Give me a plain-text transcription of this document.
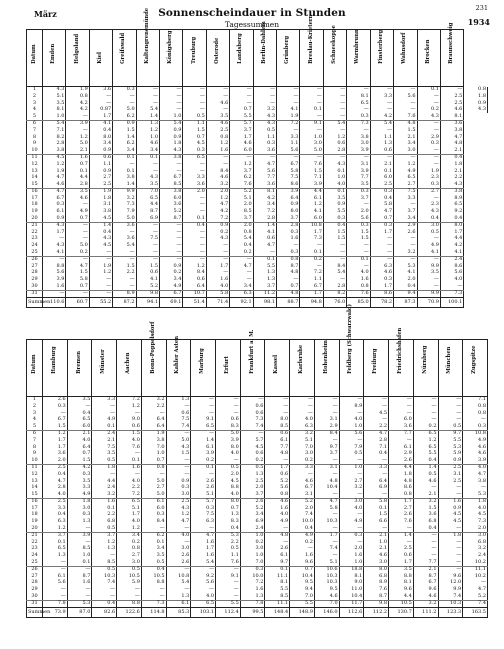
März	Sonnenscheindauer in Stunden
Tagessummen
231
1934
Datum	Emden	Helgoland	Kiel	Greifswald	Kaltengrenemünde	Königsberg	Treuburg	Osterode	Landsberg	Berlin-Dahlem	Grünberg	Breslau-Krietern	Schneekoppe	Warmbrunn	Finsterberg	Wahnsdorf	Brocken	Braunschweig	

1	4.3	1.9	3.6	0.3	—	—	—	—	—	—	—	—	—	—	—	—	0.1	—	0.8
2	5.1	0.8	—	—	—	—	—	—	—	—	—	—	—	8.1	3.3	5.6	—	2.5	1.8
3	3.5	4.2	—	—	—	—	—	4.6	—	—	—	—	—	6.5	—	—	—	2.5	0.9
4	8.1	4.2	0.87	5.0	5.4	—	—	—	0.7	3.2	4.1	0.1	—	—	—	—	0.2	4.6	4.3
5	1.0	—	1.7	6.2	1.4	1.0	0.5	3.5	5.5	4.3	1.9	—	—	0.3	4.2	7.6	4.3	8.1	
6	5.4	3.9	4.1	0.9	1.3	5.4	1.1	4.6	5.7	4.3	7.2	9.1	5.4	7.3	5.4	4.8	—	3.6	
7	7.1	—	0.4	1.5	1.2	0.9	1.5	2.5	3.7	0.5	—	—	—	—	—	1.5	—	3.8	
8	8.2	1.2	8.0	1.4	1.0	0.9	0.7	0.8	1.7	1.1	3.3	1.0	1.2	3.8	1.1	2.1	2.9	4.7	
9	2.8	5.0	3.4	6.2	4.6	1.8	4.5	1.2	4.6	0.3	1.1	3.0	0.6	3.0	1.3	3.4	0.3	4.8	
10	3.8	2.1	0.9	3.4	3.4	4.3	0.3	1.6	6.0	3.6	5.6	5.0	2.8	3.9	0.6	3.0	—	2.1	
11	4.5	1.6	0.6	0.1	0.1	3.8	6.5	—	—	—	—	—	—	—	—	—	—	0.4	
12	1.2	0.7	1.1	—	—	—	—	—	1.2	4.7	6.7	7.6	4.3	3.1	2.1	1.2	—	1.8	
13	1.9	0.1	0.9	0.1	—	—	—	8.4	3.7	5.6	5.8	1.5	0.1	3.9	0.1	4.9	1.9	2.1	
14	4.7	4.4	2.7	3.8	4.3	6.7	3.3	4.6	6.2	7.7	7.5	7.1	1.0	7.7	6.0	6.5	2.3	2.2	
15	4.6	2.8	2.5	1.4	3.5	8.5	3.6	3.2	7.6	3.6	8.6	3.9	4.0	3.5	2.5	2.7	0.3	4.3	
16	4.7	3.5	1.9	9.9	7.0	3.8	2.0	2.0	5.2	8.1	3.9	4.4	0.1	0.3	0.3	7.5	2.7	3.8	
17	6.7	4.6	1.8	3.2	6.5	6.0	—	1.2	5.1	4.2	6.4	6.1	3.5	3.7	0.4	3.3	—	8.9	
18	0.3	—	3.1	7.3	4.4	3.6	—	4.7	2.0	3.4	0.9	1.2	0.9	—	5.8	—	2.3	6.5	
19	6.1	4.9	3.8	7.9	8.7	5.2	—	4.2	8.5	7.2	8.0	4.1	5.5	2.0	4.7	3.7	4.3	9.2	
20	0.9	0.7	4.5	5.0	6.9	8.7	0.1	7.2	3.7	2.8	3.7	6.0	0.3	5.6	0.7	3.4	0.4	0.4	
21	4.3	—	1.4	3.6	—	—	0.4	0.9	2.0	1.4	2.8	10.8	0.4	0.3	0.3	2.9	3.0	8.0	
22	1.7	—	0.4	—	—	—	—	0.2	0.8	4.1	0.3	1.7	1.5	1.5	1.7	2.6	0.5	1.7	
23	—	—	4.3	3.6	7.5	—	—	4.3	5.4	0.6	1.6	7.3	1.5	1.5	—	—	—	4.4	
24	4.3	5.0	4.5	5.4	—	—	—	—	0.4	4.7	—	—	—	—	—	—	4.9	4.2	
25	4.1	0.2	—	—	—	—	—	—	0.2	—	0.3	0.1	—	—	—	3.2	4.1	4.1	
26	—	—	—	—	—	—	—	—	—	0.1	0.8	0.2	—	0.1	—	—	—	2.4	
27	8.8	4.7	1.9	1.5	1.5	0.9	1.2	1.7	4.7	5.5	8.7	—	8.4	—	6.3	5.3	9.9	8.6	
28	5.6	1.5	1.2	2.2	0.6	0.2	8.4	—	—	1.3	4.8	7.2	5.4	4.0	4.6	4.1	3.5	5.6	
29	3.9	5.8	—	—	4.1	3.4	0.6	1.6	—	1.3	—	1.1	—	1.6	0.3	2.0	—	4.0	
30	1.6	0.7	—	—	5.2	4.9	6.4	4.0	3.4	3.7	0.7	6.7	2.8	0.8	1.7	0.4	—	—	
31	—	—	—	8.9	9.8	6.7	10.7	5.8	6.3	11.2	4.8	1.7	8.2	7.6	8.6	9.4	9.9	7.3	
Summen	110.6	60.7	55.2	87.2	94.1	69.1	51.4	71.4	92.1	98.1	88.7	94.8	76.0	85.0	78.2	87.3	70.9	100.1	
Datum	Hamburg	Bremen	Münster	Aachen	Bonn-Poppelsdorf	Kahler Asten	Marburg	Erfurt	Frankfurt a. M.	Kassel	Karlsruhe	Hohenheim	Feldberg (Schwarzwald)	Freiburg	Friedrichshafen	Nürnberg	München	Zugspitze

1	2.6	3.5	3.3	7.2	3.2	1.3	—	—	—	—	—	—	—	—	—	—	—	7.1
2	0.3	—	—	1.2	2.2	—	—	—	0.6	—	—	—	8.9	—	—	—	—	0.8
3	—	0.4	—	—	—	0.6	—	—	0.6	—	—	—	—	4.5	—	—	—	0.8
4	6.7	6.5	4.9	9.0	6.4	7.5	9.1	0.6	7.3	8.0	4.0	3.1	4.0	—	6.0	—	—	—
5	1.5	6.0	0.1	0.6	6.4	7.4	6.5	8.3	7.4	8.5	6.3	2.9	1.0	2.2	3.6	0.2	0.5	0.3
6	1.2	2.1	2.4	1.5	1.9	—	—	5.0	—	0.6	3.2	8.4	5.6	4.7	7.7	6.5	9.7	10.8
7	1.7	4.0	2.1	4.0	3.8	5.0	1.4	3.9	5.7	6.1	5.1	—	—	2.8	—	1.2	5.5	4.9
8	1.7	6.4	7.5	7.6	7.0	4.3	6.1	8.0	4.5	7.7	7.0	9.7	7.9	7.1	6.1	6.5	5.3	4.6
9	3.6	0.7	3.5	—	1.0	1.5	3.9	4.0	0.6	4.8	3.0	3.7	0.5	0.4	2.9	5.5	5.9	4.6
10	2.0	1.5	0.5	0.1	0.7	—	0.2	—	0.2	—	0.2	—	—	—	2.6	0.4	0.9	3.9
11	2.5	4.2	1.8	1.6	0.8	—	0.1	0.5	0.5	1.7	3.3	3.1	1.0	3.3	4.4	1.4	2.5	4.0
12	0.4	0.3	—	—	—	—	—	2.0	1.3	0.6	—	—	—	—	1.8	0.5	3.1	4.7
13	4.7	3.5	4.4	4.0	5.0	0.9	2.6	4.5	2.5	5.2	4.6	4.8	2.7	6.4	4.8	4.6	2.5	3.8
14	2.8	3.3	2.4	2.2	2.7	0.3	2.6	8.8	2.0	5.6	6.7	10.4	3.2	6.9	8.6	—	—	—
15	4.0	4.9	3.2	7.2	5.0	3.0	5.1	4.0	3.7	0.8	3.1	—	—	—	0.8	2.1	—	5.3
16	2.5	1.8	1.6	6.5	6.1	2.5	5.7	8.0	2.6	4.6	5.2	4.7	3.0	5.8	1.7	3.2	1.6	1.8
17	3.3	3.0	0.1	5.1	6.0	4.3	0.3	0.7	5.2	1.6	2.0	5.8	4.0	0.1	2.7	1.5	0.9	4.0
18	0.4	0.3	2.2	1.7	0.3	1.2	7.5	1.3	3.4	4.0	7.4	—	—	1.5	2.6	3.6	4.5	4.5
19	6.3	1.3	6.8	4.0	8.4	4.7	6.3	8.3	6.9	4.9	10.0	10.3	4.9	6.6	7.6	6.8	4.5	7.3
20	1.2	—	0.5	1.2	—	—	—	0.4	2.4	—	0.4	—	—	—	—	0.4	—	2.0
21	3.7	3.9	3.7	3.4	6.2	4.0	4.7	5.3	1.0	4.8	4.9	1.7	0.3	2.1	1.4	—	1.8	3.0
22	0.1	—	1.2	0.2	0.1	—	1.6	2.2	0.2	—	0.2	—	—	1.0	—	—	—	6.8
23	6.5	8.5	1.3	0.8	3.4	3.0	1.7	0.5	3.0	2.6	—	7.4	2.0	2.1	2.5	—	—	3.2
24	1.3	1.0	—	2.7	3.5	2.6	1.6	1.1	1.0	6.1	1.6	—	1.6	4.6	0.6	—	—	2.4
25	—	0.1	8.5	3.0	0.5	2.6	5.4	7.6	7.0	9.7	9.6	5.1	1.0	3.0	1.7	7.7	—	10.2
26	—	—	0.5	0.5	0.4	—	—	—	0.3	0.1	0.7	10.6	18.8	8.0	3.5	2.1	—	11.1
27	6.1	8.7	10.3	10.5	10.5	10.8	9.2	9.1	10.0	11.1	10.4	10.3	8.1	6.8	8.8	8.7	9.6	10.2
28	5.6	1.6	7.4	5.9	8.8	5.4	5.6	—	7.2	8.1	9.5	10.3	9.0	8.9	8.1	6.7	12.0	—
29	—	—	—	—	—	—	—	—	1.6	5.5	9.4	9.5	11.0	7.6	9.6	9.6	9.9	4.7
30	—	—	—	—	—	1.3	4.0	—	1.3	8.5	7.0	4.6	10.4	8.7	4.4	4.6	7.4	5.2
31	7.8	5.3	0.4	8.8	7.3	6.1	6.5	5.5	7.8	11.1	5.5	7.0	11.7	9.8	10.5	3.2	10.3	7.4
Summen	73.9	87.0	82.6	122.6	114.8	85.3	103.1	112.4	99.5	148.4	148.9	146.0	112.6	112.2	130.7	111.2	123.3	163.5
